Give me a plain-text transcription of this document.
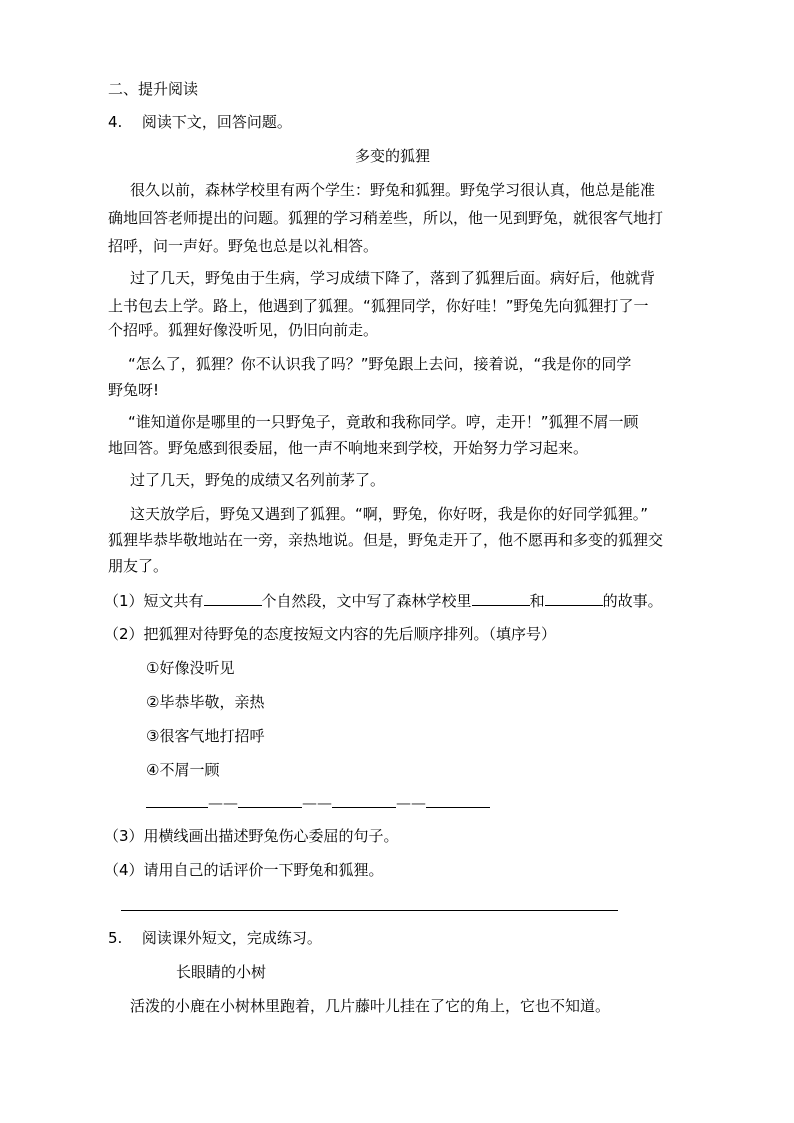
二、提升阅读
4. 阅读下文，回答问题。
多变的狐狸
很久以前，森林学校里有两个学生：野兔和狐狸。野兔学习很认真，他总是能准
确地回答老师提出的问题。狐狸的学习稍差些，所以，他一见到野兔，就很客气地打
招呼，问一声好。野兔也总是以礼相答。
过了几天，野兔由于生病，学习成绩下降了，落到了狐狸后面。病好后，他就背
上书包去上学。路上，他遇到了狐狸。“狐狸同学，你好哇！”野兔先向狐狸打了一
个招呼。狐狸好像没听见，仍旧向前走。
“怎么了，狐狸？你不认识我了吗？”野兔跟上去问，接着说，“我是你的同学
野兔呀!
“谁知道你是哪里的一只野兔子，竟敢和我称同学。哼，走开！”狐狸不屑一顾
地回答。野兔感到很委屈，他一声不响地来到学校，开始努力学习起来。
过了几天，野兔的成绩又名列前茅了。
这天放学后，野兔又遇到了狐狸。“啊，野兔，你好呀，我是你的好同学狐狸。”
狐狸毕恭毕敬地站在一旁，亲热地说。但是，野兔走开了，他不愿再和多变的狐狸交
朋友了。
（1）短文共有	个自然段，文中写了森林学校里	和	的故事。
（2）把狐狸对待野兔的态度按短文内容的先后顺序排列。（填序号）
①好像没听见
②毕恭毕敬，亲热
③很客气地打招呼
④不屑一顾
——	——	——
（3）用横线画出描述野兔伤心委屈的句子。
（4）请用自己的话评价一下野兔和狐狸。
5. 阅读课外短文，完成练习。
长眼睛的小树
活泼的小鹿在小树林里跑着，几片藤叶儿挂在了它的角上，它也不知道。
